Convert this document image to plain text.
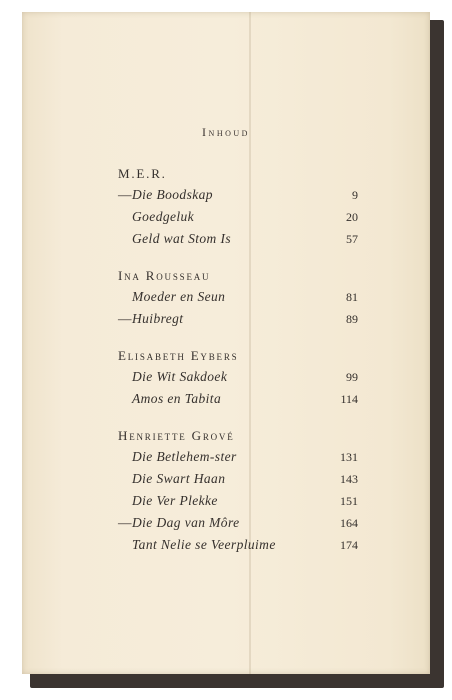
Inhoud
M.E.R.
— Die Boodskap	9
Goedgeluk	20
Geld wat Stom Is	57
Ina Rousseau
Moeder en Seun	81
— Huibregt	89
Elisabeth Eybers
Die Wit Sakdoek	99
Amos en Tabita	114
Henriette Grové
Die Betlehem-ster	131
Die Swart Haan	143
Die Ver Plekke	151
— Die Dag van Môre	164
Tant Nelie se Veerpluime	174
